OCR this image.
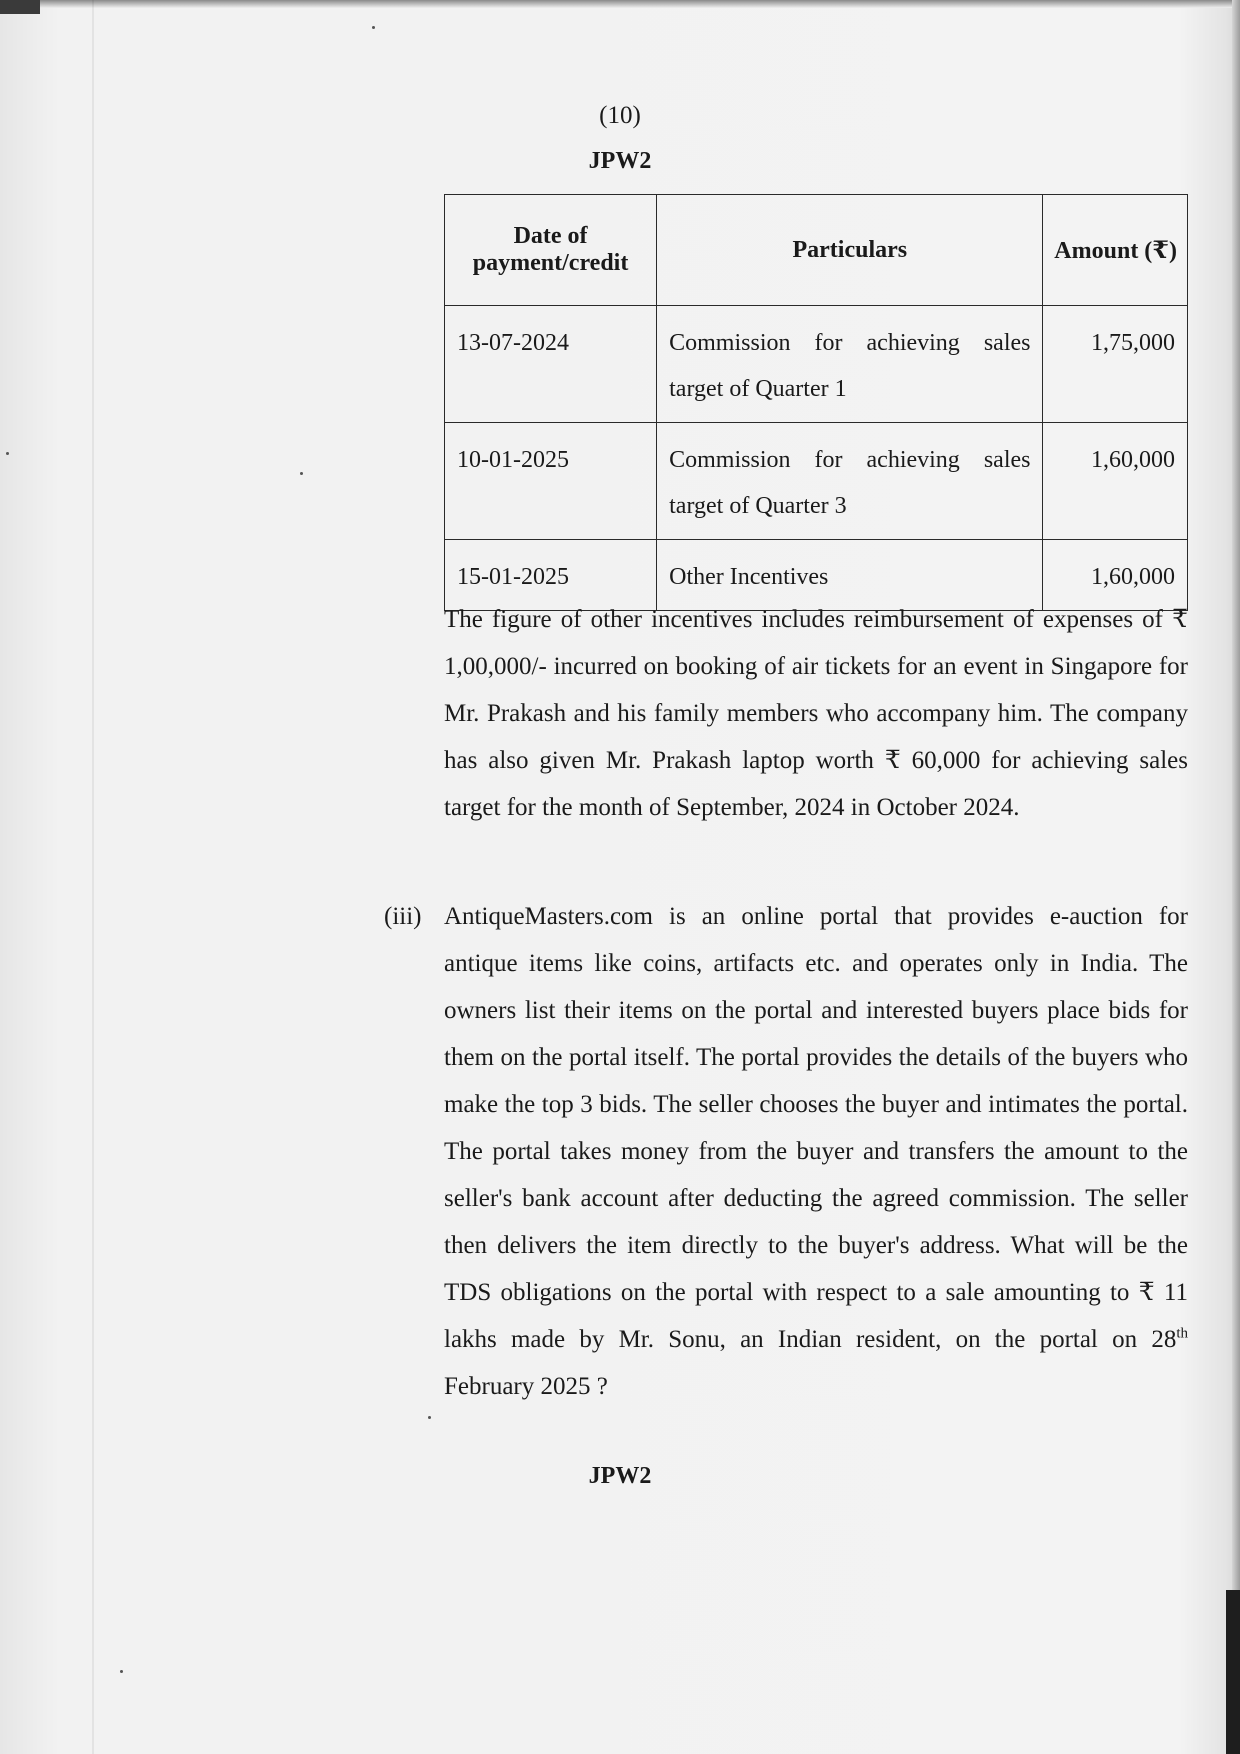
(10)
JPW2
Date of payment/credit	Particulars	Amount (₹)
13-07-2024	Commission for achieving sales target of Quarter 1	1,75,000
10-01-2025	Commission for achieving sales target of Quarter 3	1,60,000
15-01-2025	Other Incentives	1,60,000

The figure of other incentives includes reimbursement of expenses of ₹ 1,00,000/- incurred on booking of air tickets for an event in Singapore for Mr. Prakash and his family members who accompany him. The company has also given Mr. Prakash laptop worth ₹ 60,000 for achieving sales target for the month of September, 2024 in October 2024.

(iii) AntiqueMasters.com is an online portal that provides e-auction for antique items like coins, artifacts etc. and operates only in India. The owners list their items on the portal and interested buyers place bids for them on the portal itself. The portal provides the details of the buyers who make the top 3 bids. The seller chooses the buyer and intimates the portal. The portal takes money from the buyer and transfers the amount to the seller's bank account after deducting the agreed commission. The seller then delivers the item directly to the buyer's address. What will be the TDS obligations on the portal with respect to a sale amounting to ₹ 11 lakhs made by Mr. Sonu, an Indian resident, on the portal on 28th February 2025 ?

JPW2
